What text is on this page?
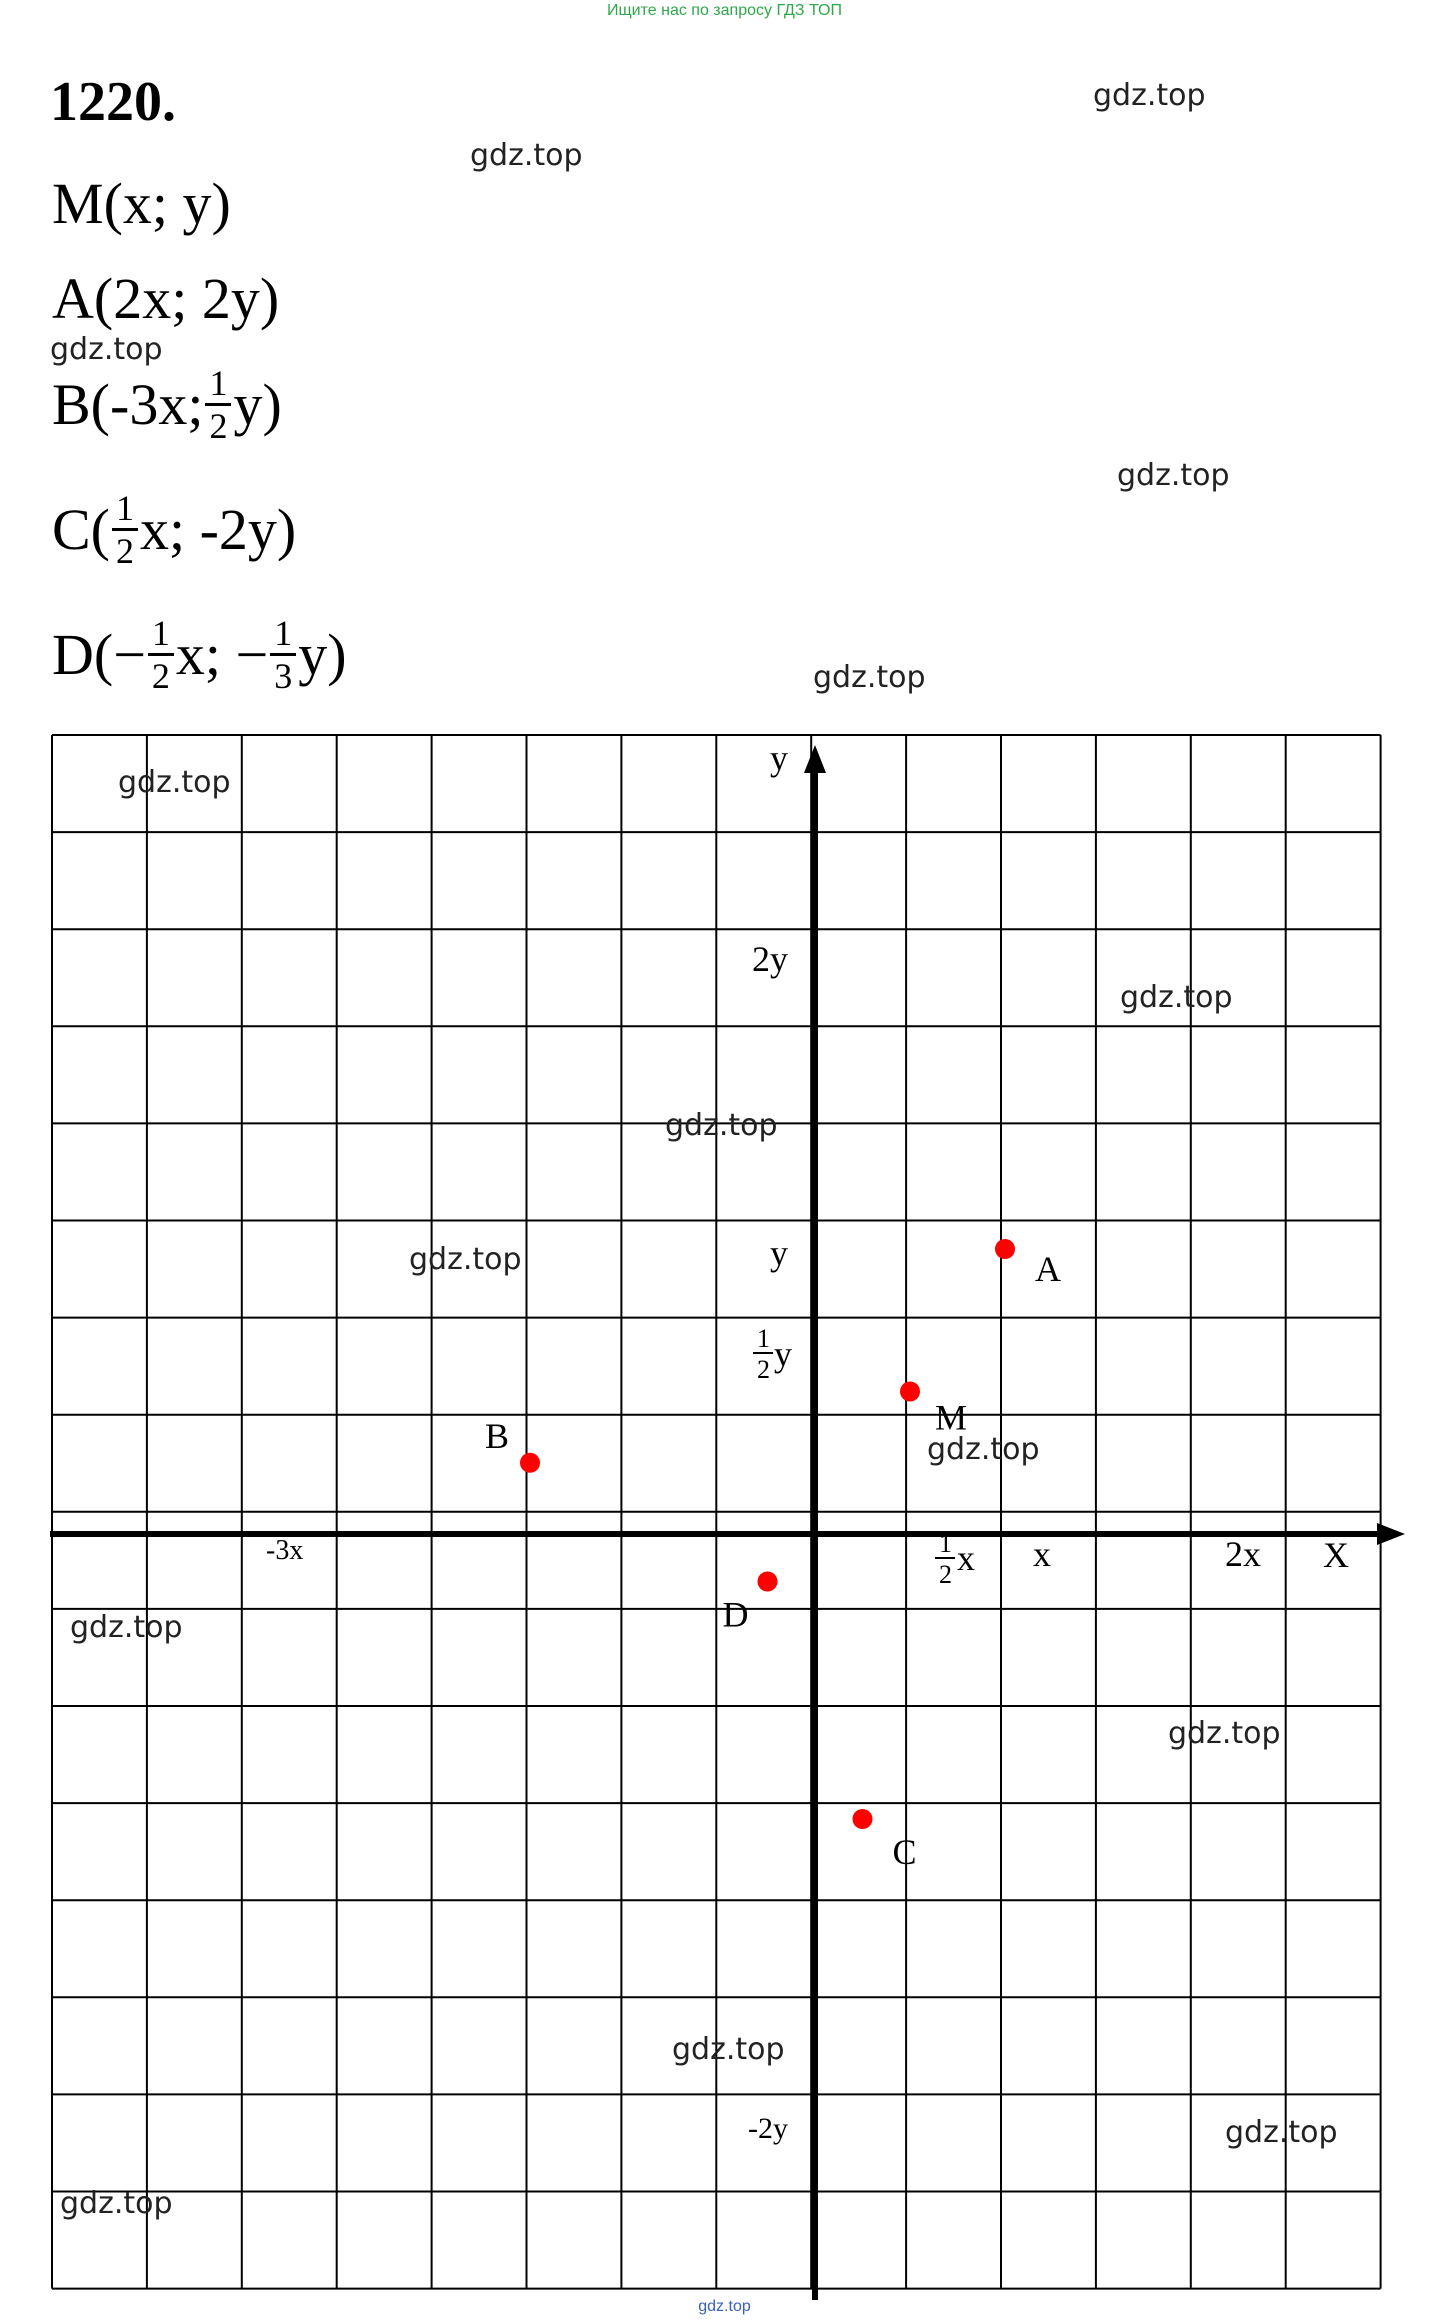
Ищите нас по запросу ГДЗ ТОП
1220.
M(x; y)
A(2x; 2y)
B(-3x; $\frac{1}{2} y$)
$C( \frac{1}{2} x$; -2y)
$D(- \frac{1}{2} x$; − $\frac{1}{3} y$)
X
y
-3x	1
2 x x	2x
2y
y
1
2 y
-2y
A
M
B
D
C
gdz.top
gdz.top
gdz.top
gdz.top
gdz.top
gdz.top
gdz.top
gdz.top
gdz.top
gdz.top
gdz.top
gdz.top
gdz.top
gdz.top
gdz.top
gdz.top
